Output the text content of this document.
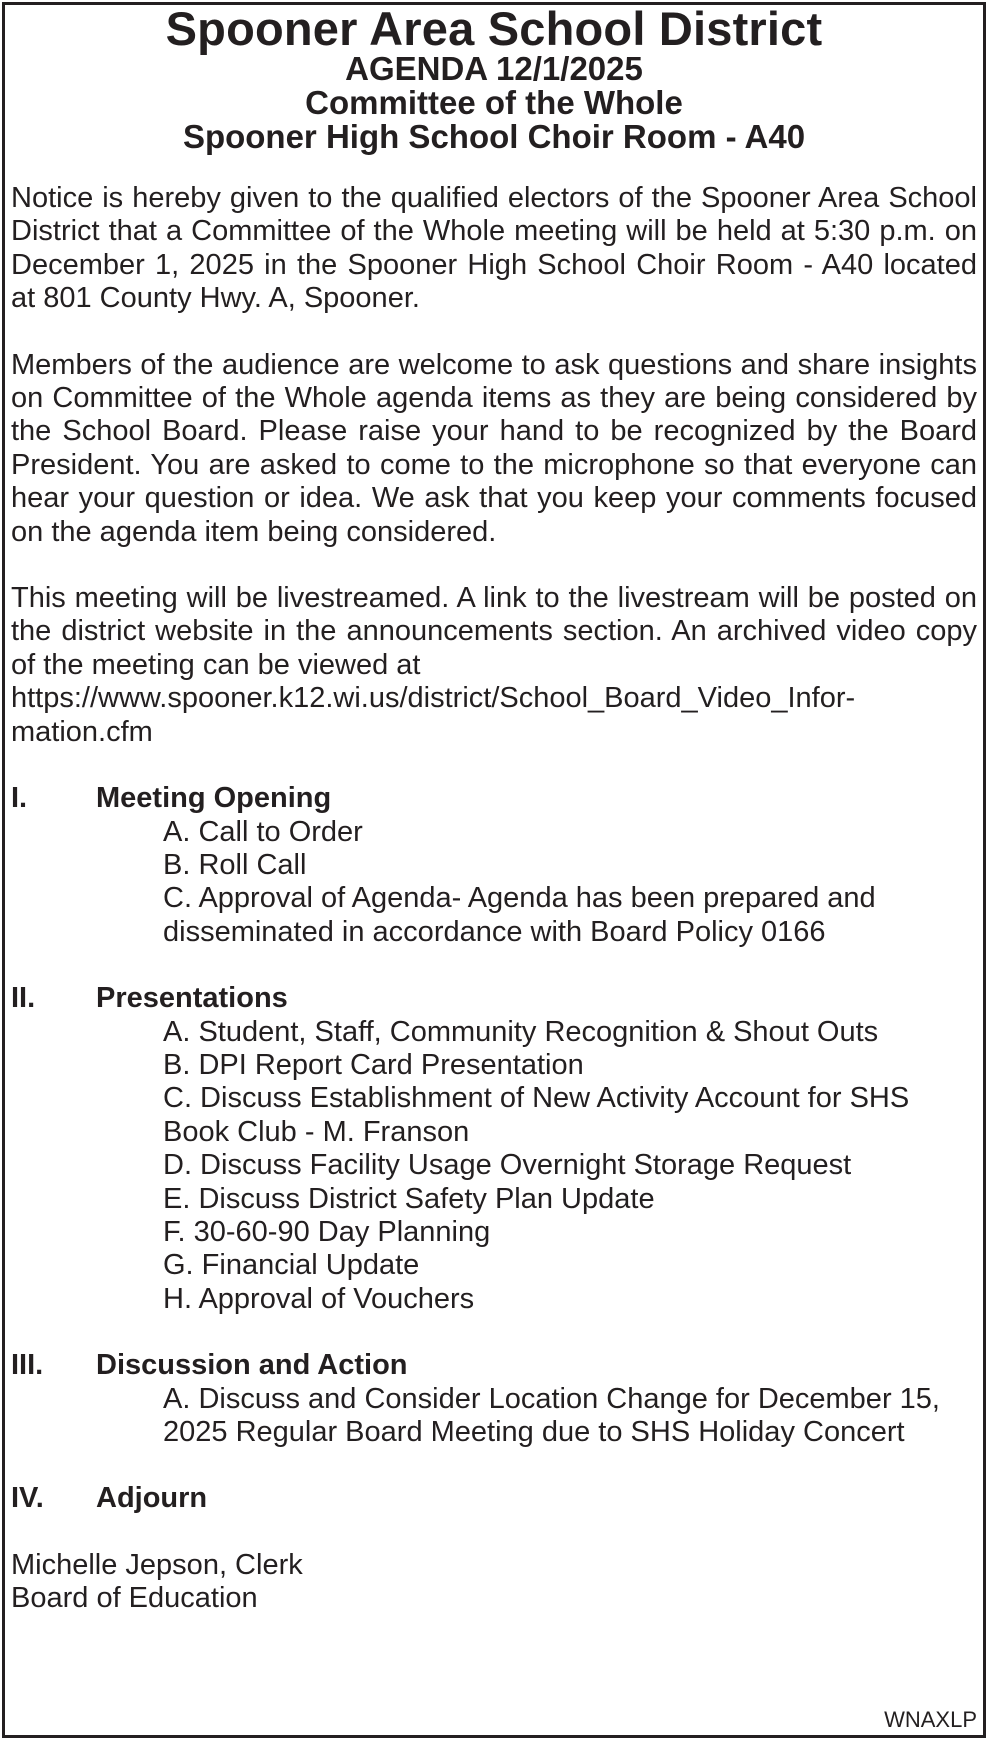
Spooner Area School District
AGENDA 12/1/2025
Committee of the Whole
Spooner High School Choir Room - A40

Notice is hereby given to the qualified electors of the Spooner Area School District that a Committee of the Whole meeting will be held at 5:30 p.m. on December 1, 2025 in the Spooner High School Choir Room - A40 located at 801 County Hwy. A, Spooner.

Members of the audience are welcome to ask questions and share insights on Committee of the Whole agenda items as they are being considered by the School Board. Please raise your hand to be recognized by the Board President. You are asked to come to the microphone so that everyone can hear your question or idea. We ask that you keep your comments focused on the agenda item being considered.

This meeting will be livestreamed. A link to the livestream will be posted on the district website in the announcements section. An archived video copy of the meeting can be viewed at
https://www.spooner.k12.wi.us/district/School_Board_Video_Infor-
mation.cfm
I.	Meeting Opening
A. Call to Order
B. Roll Call
C. Approval of Agenda- Agenda has been prepared and disseminated in accordance with Board Policy 0166
II.	Presentations
A. Student, Staff, Community Recognition & Shout Outs
B. DPI Report Card Presentation
C. Discuss Establishment of New Activity Account for SHS Book Club - M. Franson
D. Discuss Facility Usage Overnight Storage Request
E. Discuss District Safety Plan Update
F. 30-60-90 Day Planning
G. Financial Update
H. Approval of Vouchers
III.	Discussion and Action
A. Discuss and Consider Location Change for December 15, 2025 Regular Board Meeting due to SHS Holiday Concert
IV.	Adjourn
Michelle Jepson, Clerk
Board of Education
WNAXLP
